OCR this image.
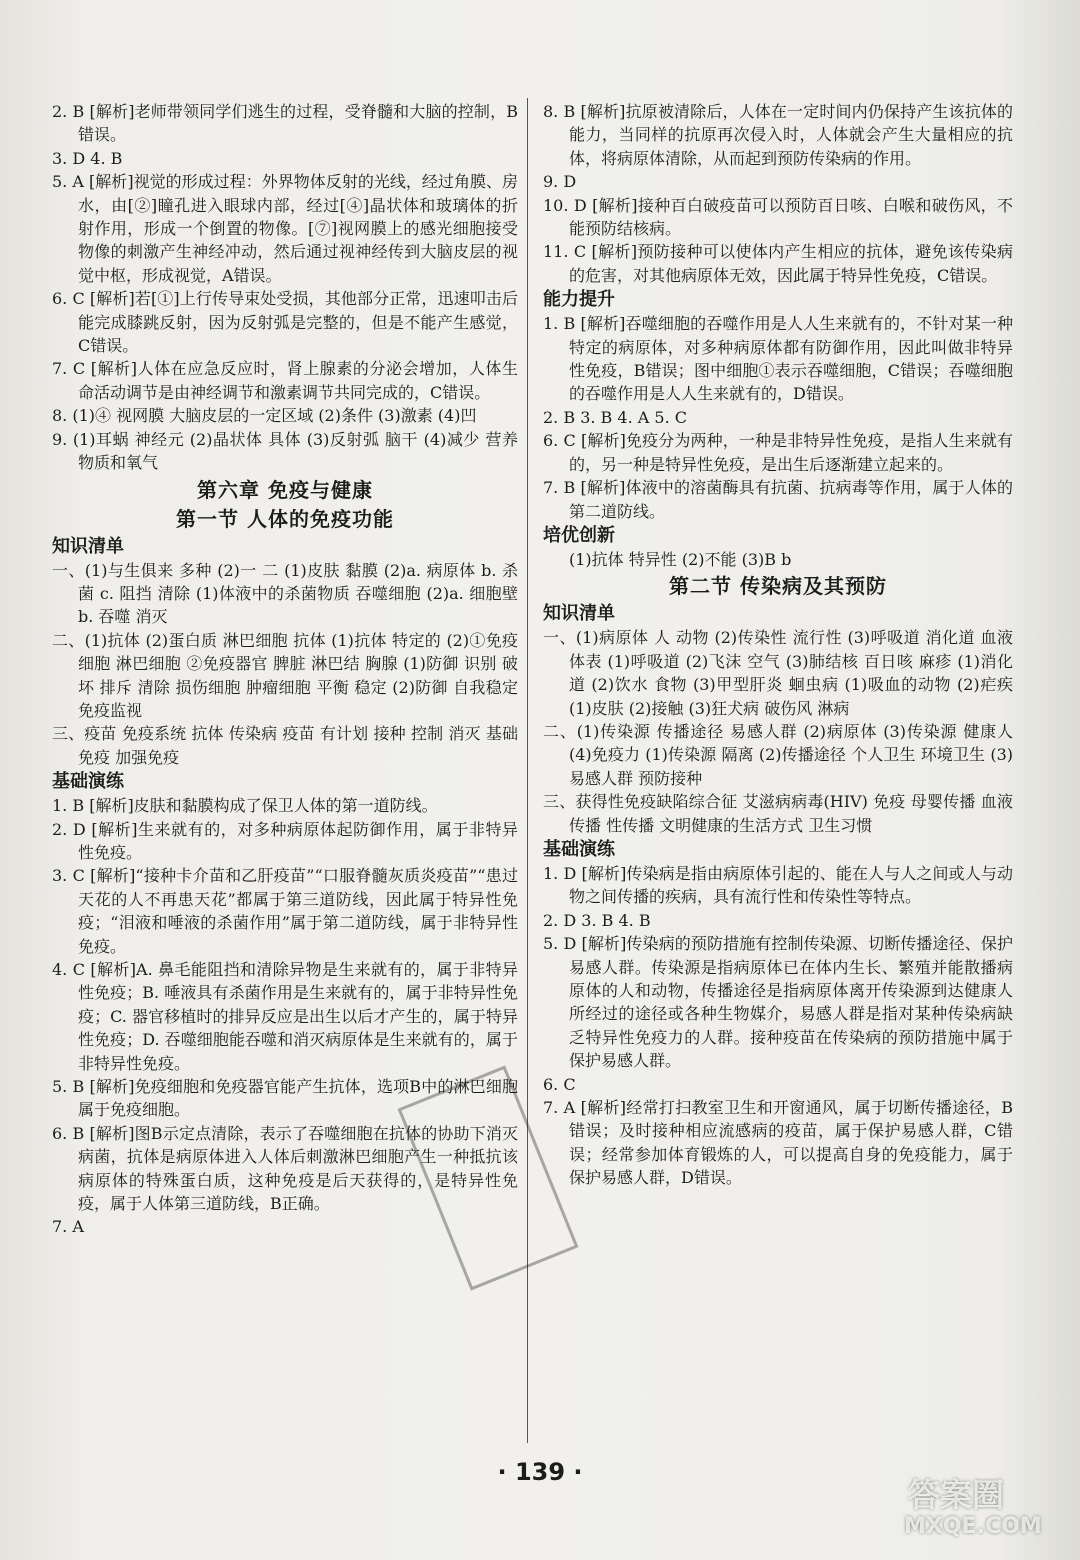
2. B [解析]老师带领同学们逃生的过程，受脊髓和大脑的控制，B错误。

3. D 4. B

5. A [解析]视觉的形成过程：外界物体反射的光线，经过角膜、房水，由[②]瞳孔进入眼球内部，经过[④]晶状体和玻璃体的折射作用，形成一个倒置的物像。[⑦]视网膜上的感光细胞接受物像的刺激产生神经冲动，然后通过视神经传到大脑皮层的视觉中枢，形成视觉，A错误。

6. C [解析]若[①]上行传导束处受损，其他部分正常，迅速叩击后能完成膝跳反射，因为反射弧是完整的，但是不能产生感觉，C错误。

7. C [解析]人体在应急反应时，肾上腺素的分泌会增加，人体生命活动调节是由神经调节和激素调节共同完成的，C错误。

8. (1)④ 视网膜 大脑皮层的一定区域 (2)条件 (3)激素 (4)凹

9. (1)耳蜗 神经元 (2)晶状体 具体 (3)反射弧 脑干 (4)减少 营养物质和氧气

第六章 免疫与健康

第一节 人体的免疫功能

知识清单

一、(1)与生俱来 多种 (2)一 二 (1)皮肤 黏膜 (2)a. 病原体 b. 杀菌 c. 阻挡 清除 (1)体液中的杀菌物质 吞噬细胞 (2)a. 细胞壁 b. 吞噬 消灭

二、(1)抗体 (2)蛋白质 淋巴细胞 抗体 (1)抗体 特定的 (2)①免疫细胞 淋巴细胞 ②免疫器官 脾脏 淋巴结 胸腺 (1)防御 识别 破坏 排斥 清除 损伤细胞 肿瘤细胞 平衡 稳定 (2)防御 自我稳定 免疫监视

三、疫苗 免疫系统 抗体 传染病 疫苗 有计划 接种 控制 消灭 基础免疫 加强免疫

基础演练

1. B [解析]皮肤和黏膜构成了保卫人体的第一道防线。

2. D [解析]生来就有的，对多种病原体起防御作用，属于非特异性免疫。

3. C [解析]“接种卡介苗和乙肝疫苗”“口服脊髓灰质炎疫苗”“患过天花的人不再患天花”都属于第三道防线，因此属于特异性免疫；“泪液和唾液的杀菌作用”属于第二道防线，属于非特异性免疫。

4. C [解析]A. 鼻毛能阻挡和清除异物是生来就有的，属于非特异性免疫；B. 唾液具有杀菌作用是生来就有的，属于非特异性免疫；C. 器官移植时的排异反应是出生以后才产生的，属于特异性免疫；D. 吞噬细胞能吞噬和消灭病原体是生来就有的，属于非特异性免疫。

5. B [解析]免疫细胞和免疫器官能产生抗体，选项B中的淋巴细胞属于免疫细胞。

6. B [解析]图B示定点清除，表示了吞噬细胞在抗体的协助下消灭病菌，抗体是病原体进入人体后刺激淋巴细胞产生一种抵抗该病原体的特殊蛋白质，这种免疫是后天获得的，是特异性免疫，属于人体第三道防线，B正确。

7. A

8. B [解析]抗原被清除后，人体在一定时间内仍保持产生该抗体的能力，当同样的抗原再次侵入时，人体就会产生大量相应的抗体，将病原体清除，从而起到预防传染病的作用。

9. D

10. D [解析]接种百白破疫苗可以预防百日咳、白喉和破伤风，不能预防结核病。

11. C [解析]预防接种可以使体内产生相应的抗体，避免该传染病的危害，对其他病原体无效，因此属于特异性免疫，C错误。

能力提升

1. B [解析]吞噬细胞的吞噬作用是人人生来就有的，不针对某一种特定的病原体，对多种病原体都有防御作用，因此叫做非特异性免疫，B错误；图中细胞①表示吞噬细胞，C错误；吞噬细胞的吞噬作用是人人生来就有的，D错误。

2. B 3. B 4. A 5. C

6. C [解析]免疫分为两种，一种是非特异性免疫，是指人生来就有的，另一种是特异性免疫，是出生后逐渐建立起来的。

7. B [解析]体液中的溶菌酶具有抗菌、抗病毒等作用，属于人体的第二道防线。

培优创新

(1)抗体 特异性 (2)不能 (3)B b

第二节 传染病及其预防

知识清单

一、(1)病原体 人 动物 (2)传染性 流行性 (3)呼吸道 消化道 血液 体表 (1)呼吸道 (2)飞沫 空气 (3)肺结核 百日咳 麻疹 (1)消化道 (2)饮水 食物 (3)甲型肝炎 蛔虫病 (1)吸血的动物 (2)疟疾 (1)皮肤 (2)接触 (3)狂犬病 破伤风 淋病

二、(1)传染源 传播途径 易感人群 (2)病原体 (3)传染源 健康人 (4)免疫力 (1)传染源 隔离 (2)传播途径 个人卫生 环境卫生 (3)易感人群 预防接种

三、获得性免疫缺陷综合征 艾滋病病毒(HIV) 免疫 母婴传播 血液传播 性传播 文明健康的生活方式 卫生习惯

基础演练

1. D [解析]传染病是指由病原体引起的、能在人与人之间或人与动物之间传播的疾病，具有流行性和传染性等特点。

2. D 3. B 4. B

5. D [解析]传染病的预防措施有控制传染源、切断传播途径、保护易感人群。传染源是指病原体已在体内生长、繁殖并能散播病原体的人和动物，传播途径是指病原体离开传染源到达健康人所经过的途径或各种生物媒介，易感人群是指对某种传染病缺乏特异性免疫力的人群。接种疫苗在传染病的预防措施中属于保护易感人群。

6. C

7. A [解析]经常打扫教室卫生和开窗通风，属于切断传播途径，B错误；及时接种相应流感病的疫苗，属于保护易感人群，C错误；经常参加体育锻炼的人，可以提高自身的免疫能力，属于保护易感人群，D错误。

· 139 ·
答案圈
MXQE.COM
